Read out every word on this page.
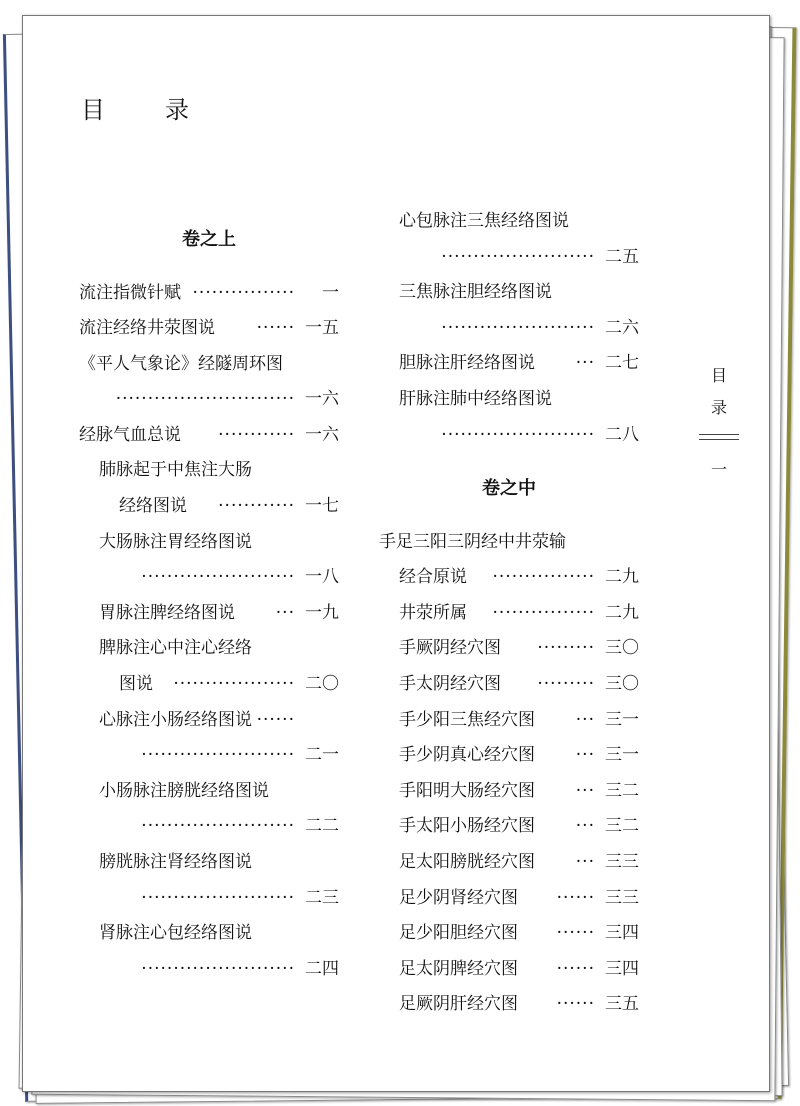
目　录
卷之上
流注指微针赋 ················	一
流注经络井荥图说 ······ 一五
《平人气象论》经隧周环图
···························· 一六
经脉气血总说 ············ 一六
肺脉起于中焦注大肠
经络图说 ············ 一七
大肠脉注胃经络图说
························ 一八
胃脉注脾经络图说 ··· 一九
脾脉注心中注心经络
图说 ··················· 二〇
心脉注小肠经络图说 ······
························ 二一
小肠脉注膀胱经络图说
························ 二二
膀胱脉注肾经络图说
························ 二三
肾脉注心包经络图说
························ 二四
心包脉注三焦经络图说
························ 二五
三焦脉注胆经络图说
························ 二六
胆脉注肝经络图说 ··· 二七
肝脉注肺中经络图说
························ 二八
卷之中
手足三阳三阴经中井荥输
经合原说 ················ 二九
井荥所属 ················ 二九
手厥阴经穴图 ········· 三〇
手太阴经穴图 ········· 三〇
手少阳三焦经穴图 ··· 三一
手少阴真心经穴图 ··· 三一
手阳明大肠经穴图 ··· 三二
手太阳小肠经穴图 ··· 三二
足太阳膀胱经穴图 ··· 三三
足少阴肾经穴图 ······ 三三
足少阳胆经穴图 ······ 三四
足太阴脾经穴图 ······ 三四
足厥阴肝经穴图 ······ 三五
目
录
一
